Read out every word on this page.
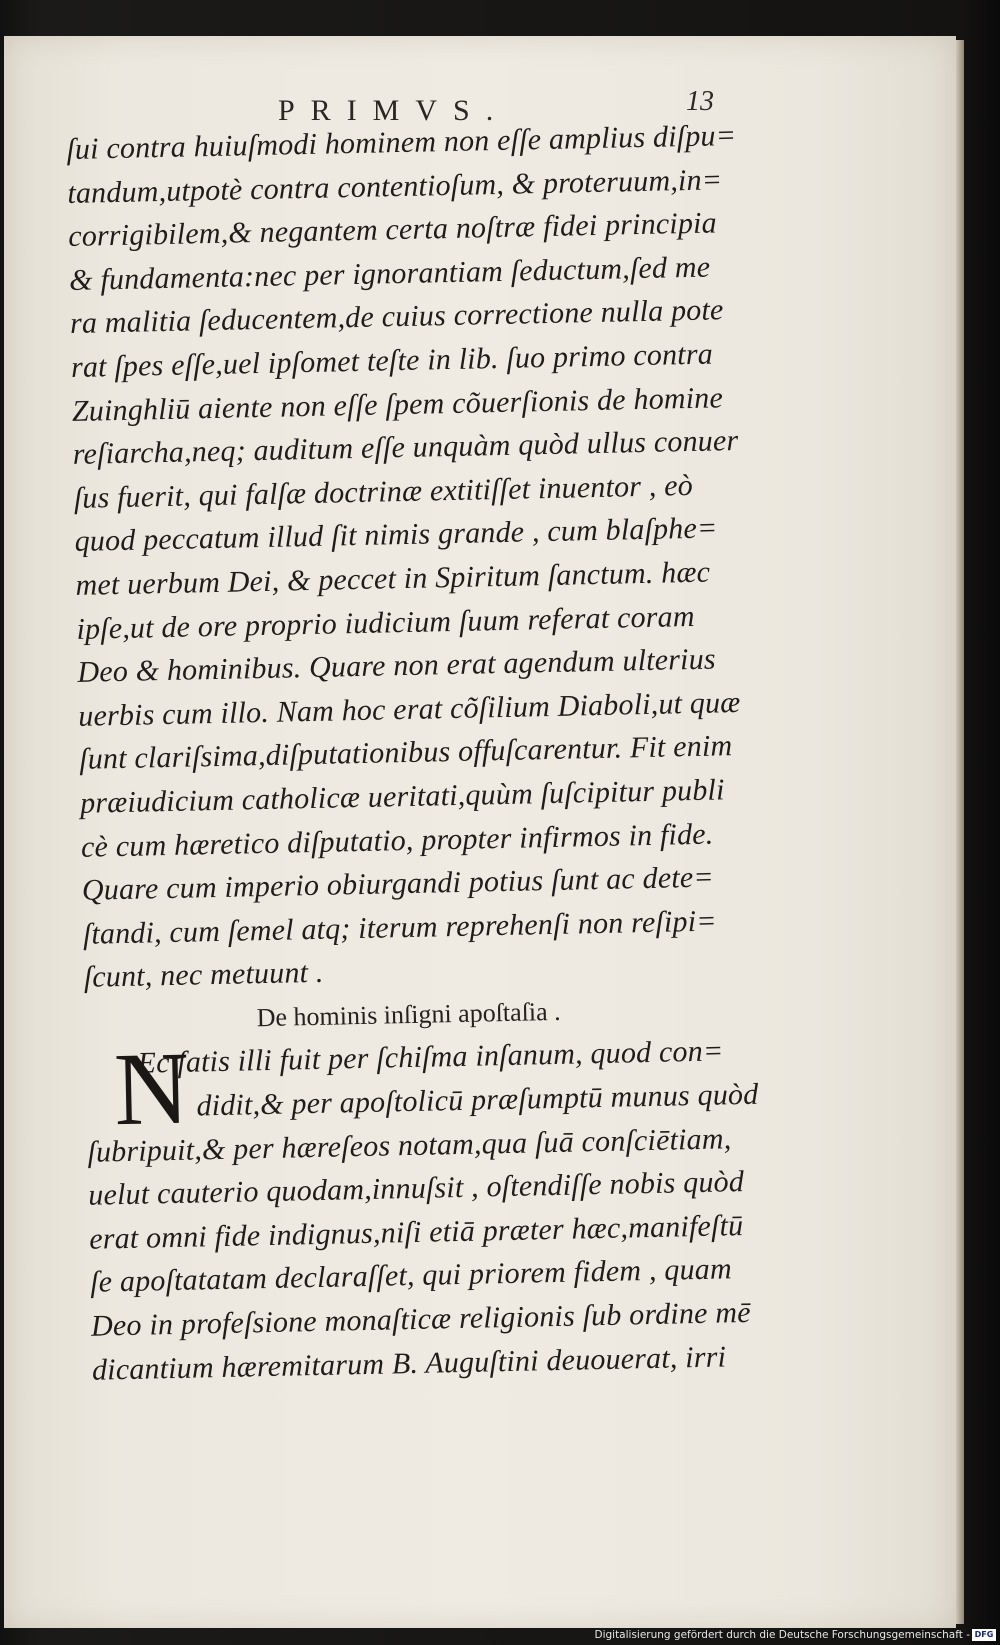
PRIMVS.	13
ſui contra huiuſmodi hominem non eſſe amplius diſpu=
tandum,utpotè contra contentioſum, & proteruum,in=
corrigibilem,& negantem certa noſtræ fidei principia
& fundamenta:nec per ignorantiam ſeductum,ſed me
ra malitia ſeducentem,de cuius correctione nulla pote
rat ſpes eſſe,uel ipſomet teſte in lib. ſuo primo contra
Zuinghliū aiente non eſſe ſpem cõuerſionis de homine
reſiarcha,neq; auditum eſſe unquàm quòd ullus conuer
ſus fuerit, qui falſæ doctrinæ extitiſſet inuentor , eò
quod peccatum illud ſit nimis grande , cum blaſphe=
met uerbum Dei, & peccet in Spiritum ſanctum. hæc
ipſe,ut de ore proprio iudicium ſuum referat coram
Deo & hominibus. Quare non erat agendum ulterius
uerbis cum illo. Nam hoc erat cõſilium Diaboli,ut quæ
ſunt clariſsima,diſputationibus offuſcarentur. Fit enim
præiudicium catholicæ ueritati,quùm ſuſcipitur publi
cè cum hæretico diſputatio, propter infirmos in fide.
Quare cum imperio obiurgandi potius ſunt ac dete=
ſtandi, cum ſemel atq; iterum reprehenſi non reſipi=
ſcunt, nec metuunt .
De hominis inſigni apoſtaſia .
N
Ec ſatis illi fuit per ſchiſma inſanum, quod con=
didit,& per apoſtolicū præſumptū munus quòd
ſubripuit,& per hæreſeos notam,qua ſuā conſciētiam,
uelut cauterio quodam,innuſsit , oſtendiſſe nobis quòd
erat omni fide indignus,niſi etiā præter hæc,manifeſtū
ſe apoſtatatam declaraſſet, qui priorem fidem , quam
Deo in profeſsione monaſticæ religionis ſub ordine mē
dicantium hæremitarum B. Auguſtini deuouerat, irri
Digitalisierung gefördert durch die Deutsche Forschungsgemeinschaft - DFG
